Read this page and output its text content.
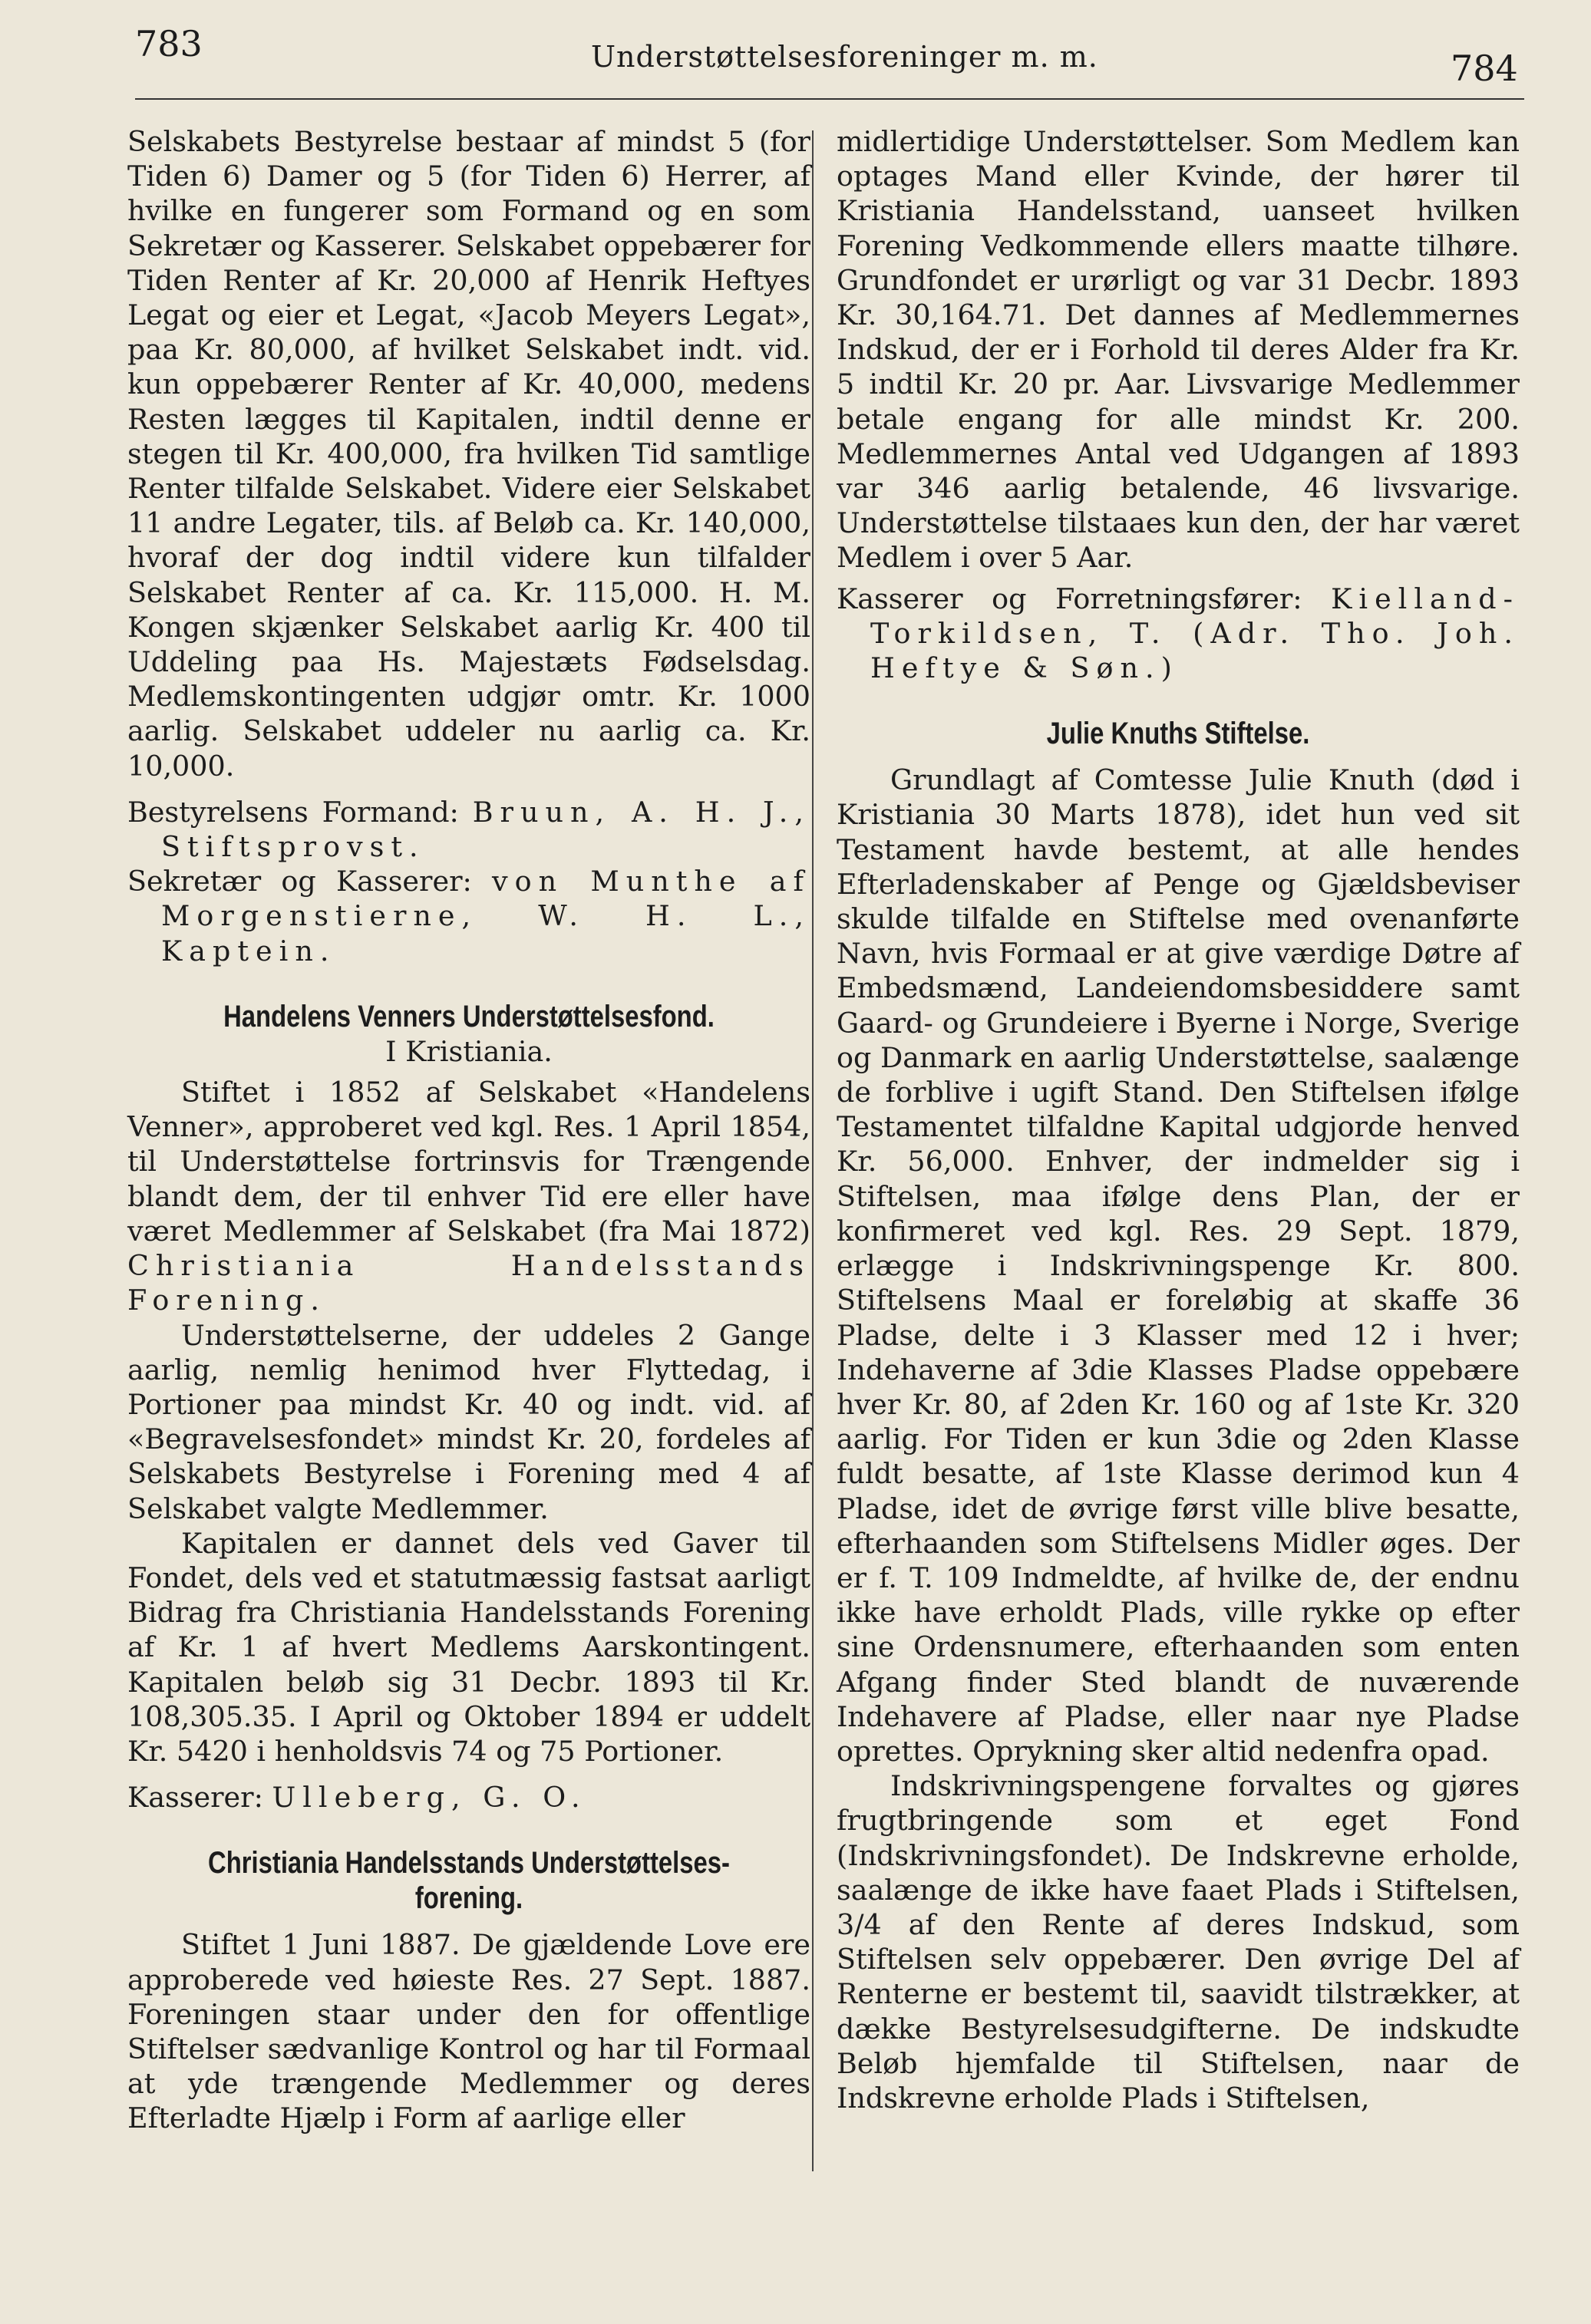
783	Understøttelsesforeninger m. m.	784

Selskabets Bestyrelse bestaar af mindst 5 (for Tiden 6) Damer og 5 (for Tiden 6) Herrer, af hvilke en fungerer som Formand og en som Sekretær og Kasserer. Selskabet oppebærer for Tiden Renter af Kr. 20,000 af Henrik Heftyes Legat og eier et Legat, «Jacob Meyers Legat», paa Kr. 80,000, af hvilket Selskabet indt. vid. kun oppebærer Renter af Kr. 40,000, medens Resten lægges til Kapitalen, indtil denne er stegen til Kr. 400,000, fra hvilken Tid samtlige Renter tilfalde Selskabet. Videre eier Selskabet 11 andre Legater, tils. af Beløb ca. Kr. 140,000, hvoraf der dog indtil videre kun tilfalder Selskabet Renter af ca. Kr. 115,000. H. M. Kongen skjænker Selskabet aarlig Kr. 400 til Uddeling paa Hs. Majestæts Fødselsdag. Medlemskontingenten udgjør omtr. Kr. 1000 aarlig. Selskabet uddeler nu aarlig ca. Kr. 10,000.

Bestyrelsens Formand: Bruun, A. H. J., Stiftsprovst.

Sekretær og Kasserer: von Munthe af Morgenstierne, W. H. L., Kaptein.

Handelens Venners Understøttelsesfond.

I Kristiania.

Stiftet i 1852 af Selskabet «Handelens Venner», approberet ved kgl. Res. 1 April 1854, til Understøttelse fortrinsvis for Trængende blandt dem, der til enhver Tid ere eller have været Medlemmer af Selskabet (fra Mai 1872) Christiania Handelsstands Forening.

Understøttelserne, der uddeles 2 Gange aarlig, nemlig henimod hver Flyttedag, i Portioner paa mindst Kr. 40 og indt. vid. af «Begravelsesfondet» mindst Kr. 20, fordeles af Selskabets Bestyrelse i Forening med 4 af Selskabet valgte Medlemmer.

Kapitalen er dannet dels ved Gaver til Fondet, dels ved et statutmæssig fastsat aarligt Bidrag fra Christiania Handelsstands Forening af Kr. 1 af hvert Medlems Aarskontingent. Kapitalen beløb sig 31 Decbr. 1893 til Kr. 108,305.35. I April og Oktober 1894 er uddelt Kr. 5420 i henholdsvis 74 og 75 Portioner.

Kasserer: Ulleberg, G. O.

Christiania Handelsstands Understøttelses-forening.

Stiftet 1 Juni 1887. De gjældende Love ere approberede ved høieste Res. 27 Sept. 1887. Foreningen staar under den for offentlige Stiftelser sædvanlige Kontrol og har til Formaal at yde trængende Medlemmer og deres Efterladte Hjælp i Form af aarlige eller

midlertidige Understøttelser. Som Medlem kan optages Mand eller Kvinde, der hører til Kristiania Handelsstand, uanseet hvilken Forening Vedkommende ellers maatte tilhøre. Grundfondet er urørligt og var 31 Decbr. 1893 Kr. 30,164.71. Det dannes af Medlemmernes Indskud, der er i Forhold til deres Alder fra Kr. 5 indtil Kr. 20 pr. Aar. Livsvarige Medlemmer betale engang for alle mindst Kr. 200. Medlemmernes Antal ved Udgangen af 1893 var 346 aarlig betalende, 46 livsvarige. Understøttelse tilstaaes kun den, der har været Medlem i over 5 Aar.

Kasserer og Forretningsfører: Kielland-Torkildsen, T. (Adr. Tho. Joh. Heftye & Søn.)

Julie Knuths Stiftelse.

Grundlagt af Comtesse Julie Knuth (død i Kristiania 30 Marts 1878), idet hun ved sit Testament havde bestemt, at alle hendes Efterladenskaber af Penge og Gjældsbeviser skulde tilfalde en Stiftelse med ovenanførte Navn, hvis Formaal er at give værdige Døtre af Embedsmænd, Landeiendomsbesiddere samt Gaard- og Grundeiere i Byerne i Norge, Sverige og Danmark en aarlig Understøttelse, saalænge de forblive i ugift Stand. Den Stiftelsen ifølge Testamentet tilfaldne Kapital udgjorde henved Kr. 56,000. Enhver, der indmelder sig i Stiftelsen, maa ifølge dens Plan, der er konfirmeret ved kgl. Res. 29 Sept. 1879, erlægge i Indskrivningspenge Kr. 800. Stiftelsens Maal er foreløbig at skaffe 36 Pladse, delte i 3 Klasser med 12 i hver; Indehaverne af 3die Klasses Pladse oppebære hver Kr. 80, af 2den Kr. 160 og af 1ste Kr. 320 aarlig. For Tiden er kun 3die og 2den Klasse fuldt besatte, af 1ste Klasse derimod kun 4 Pladse, idet de øvrige først ville blive besatte, efterhaanden som Stiftelsens Midler øges. Der er f. T. 109 Indmeldte, af hvilke de, der endnu ikke have erholdt Plads, ville rykke op efter sine Ordensnumere, efterhaanden som enten Afgang finder Sted blandt de nuværende Indehavere af Pladse, eller naar nye Pladse oprettes. Oprykning sker altid nedenfra opad.

Indskrivningspengene forvaltes og gjøres frugtbringende som et eget Fond (Indskrivningsfondet). De Indskrevne erholde, saalænge de ikke have faaet Plads i Stiftelsen, 3/4 af den Rente af deres Indskud, som Stiftelsen selv oppebærer. Den øvrige Del af Renterne er bestemt til, saavidt tilstrækker, at dække Bestyrelsesudgifterne. De indskudte Beløb hjemfalde til Stiftelsen, naar de Indskrevne erholde Plads i Stiftelsen,
